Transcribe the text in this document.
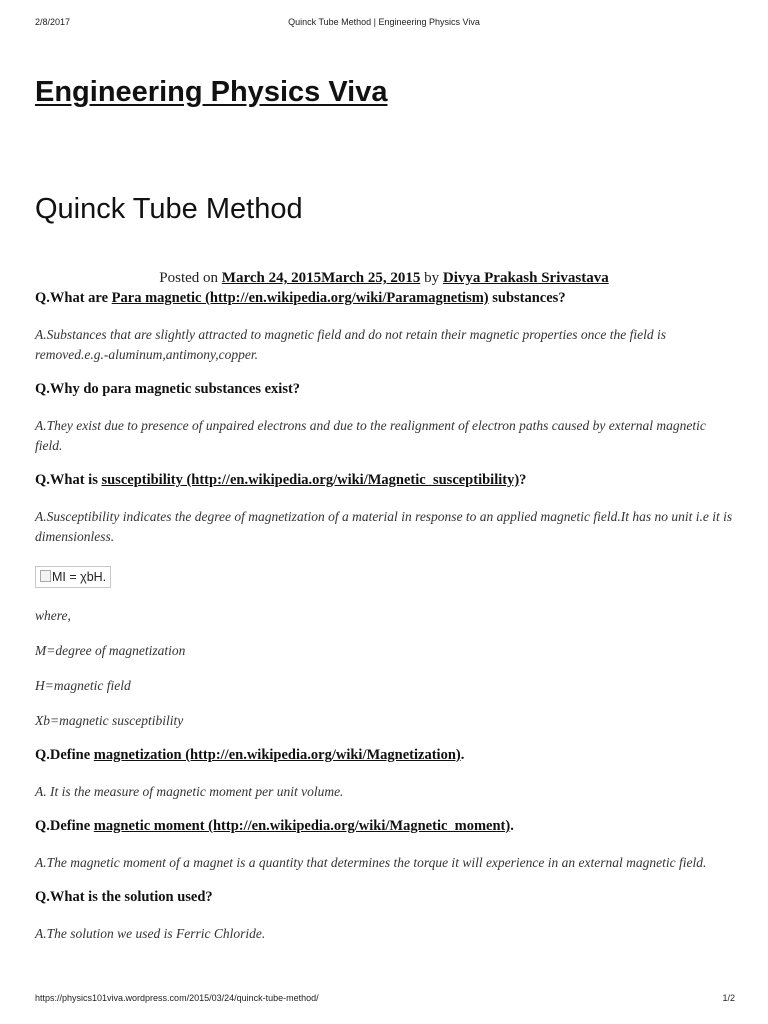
2/8/2017	Quinck Tube Method | Engineering Physics Viva
Engineering Physics Viva
Quinck Tube Method
Posted on March 24, 2015March 25, 2015 by Divya Prakash Srivastava

Q.What are Para magnetic (http://en.wikipedia.org/wiki/Paramagnetism) substances?

A.Substances that are slightly attracted to magnetic field and do not retain their magnetic properties once the field is removed.e.g.-aluminum,antimony,copper.

Q.Why do para magnetic substances exist?

A.They exist due to presence of unpaired electrons and due to the realignment of electron paths caused by external magnetic field.

Q.What is susceptibility (http://en.wikipedia.org/wiki/Magnetic_susceptibility)?

A.Susceptibility indicates the degree of magnetization of a material in response to an applied magnetic field.It has no unit i.e it is dimensionless.

MI = χbH.

where,

M=degree of magnetization

H=magnetic field

Xb=magnetic susceptibility

Q.Define magnetization (http://en.wikipedia.org/wiki/Magnetization).

A. It is the measure of magnetic moment per unit volume.

Q.Define magnetic moment (http://en.wikipedia.org/wiki/Magnetic_moment).

A.The magnetic moment of a magnet is a quantity that determines the torque it will experience in an external magnetic field.

Q.What is the solution used?

A.The solution we used is Ferric Chloride.

https://physics101viva.wordpress.com/2015/03/24/quinck-tube-method/	1/2
